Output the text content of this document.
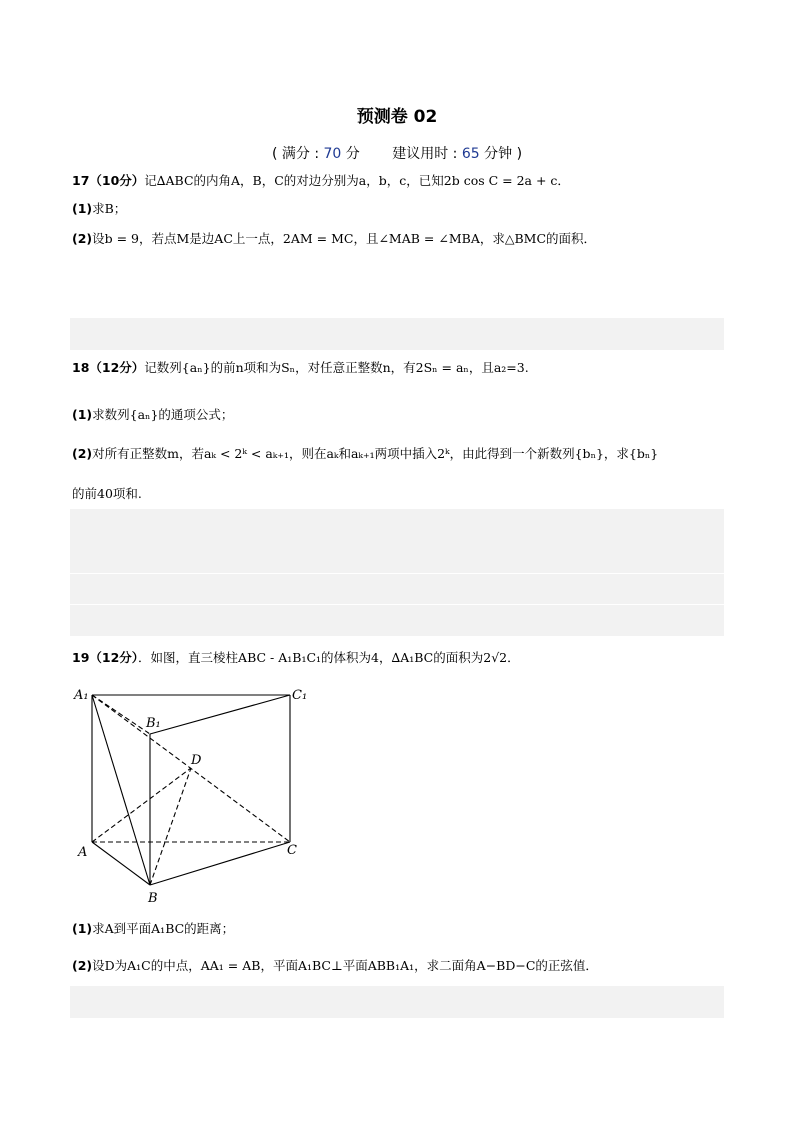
预测卷 02
( 满分 : 70 分　　 建议用时 : 65 分钟 )
17（10分）记∆ABC的内角A，B，C的对边分别为a，b，c，已知2b cos C = 2a + c．
(1)求B；
(2)设b = 9，若点M是边AC上一点，2AM = MC，且∠MAB = ∠MBA，求△BMC的面积．
18（12分）记数列{aₙ}的前n项和为Sₙ，对任意正整数n，有2Sₙ = aₙ，且a₂=3.
(1)求数列{aₙ}的通项公式；
(2)对所有正整数m，若aₖ < 2ᵏ < aₖ₊₁，则在aₖ和aₖ₊₁两项中插入2ᵏ，由此得到一个新数列{bₙ}，求{bₙ}
的前40项和.
19（12分）．如图，直三棱柱ABC - A₁B₁C₁的体积为4，∆A₁BC的面积为2√2．
A₁
B₁
C₁
D
A
B
C
(1)求A到平面A₁BC的距离；
(2)设D为A₁C的中点，AA₁ = AB，平面A₁BC⊥平面ABB₁A₁，求二面角A−BD−C的正弦值．
